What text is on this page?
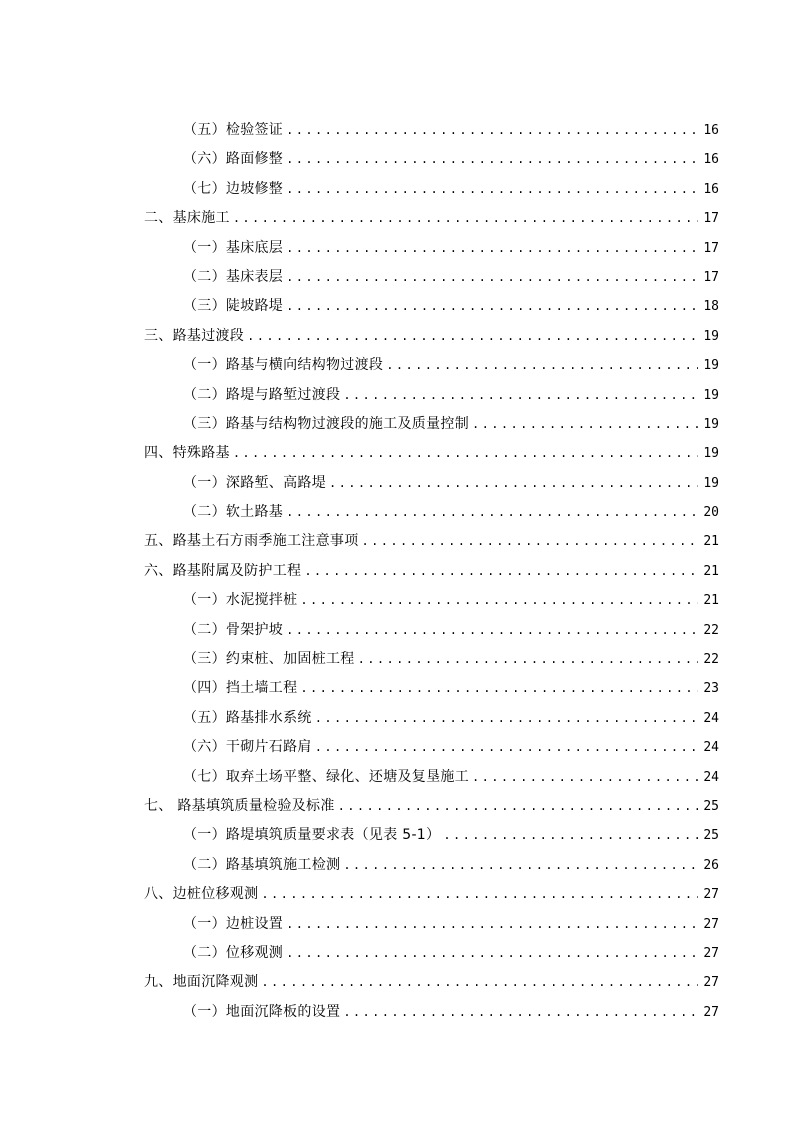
（五）检验签证 .....	16
（六）路面修整 .....	16
（七）边坡修整 .....	16
二、基床施工 .....	17
（一）基床底层 .....	17
（二）基床表层 .....	17
（三）陡坡路堤 .....	18
三、路基过渡段 .....	19
（一）路基与横向结构物过渡段 .....	19
（二）路堤与路堑过渡段 .....	19
（三）路基与结构物过渡段的施工及质量控制 .....	19
四、特殊路基 .....	19
（一）深路堑、高路堤 .....	19
（二）软土路基 .....	20
五、路基土石方雨季施工注意事项 .....	21
六、路基附属及防护工程 .....	21
（一）水泥搅拌桩 .....	21
（二）骨架护坡 .....	22
（三）约束桩、加固桩工程 .....	22
（四）挡土墙工程 .....	23
（五）路基排水系统 .....	24
（六）干砌片石路肩 .....	24
（七）取弃土场平整、绿化、还塘及复垦施工 .....	24
七、 路基填筑质量检验及标准 .....	25
（一）路堤填筑质量要求表（见表 5-1） .....	25
（二）路基填筑施工检测 .....	26
八、边桩位移观测 .....	27
（一）边桩设置 .....	27
（二）位移观测 .....	27
九、地面沉降观测 .....	27
（一）地面沉降板的设置 .....	27
